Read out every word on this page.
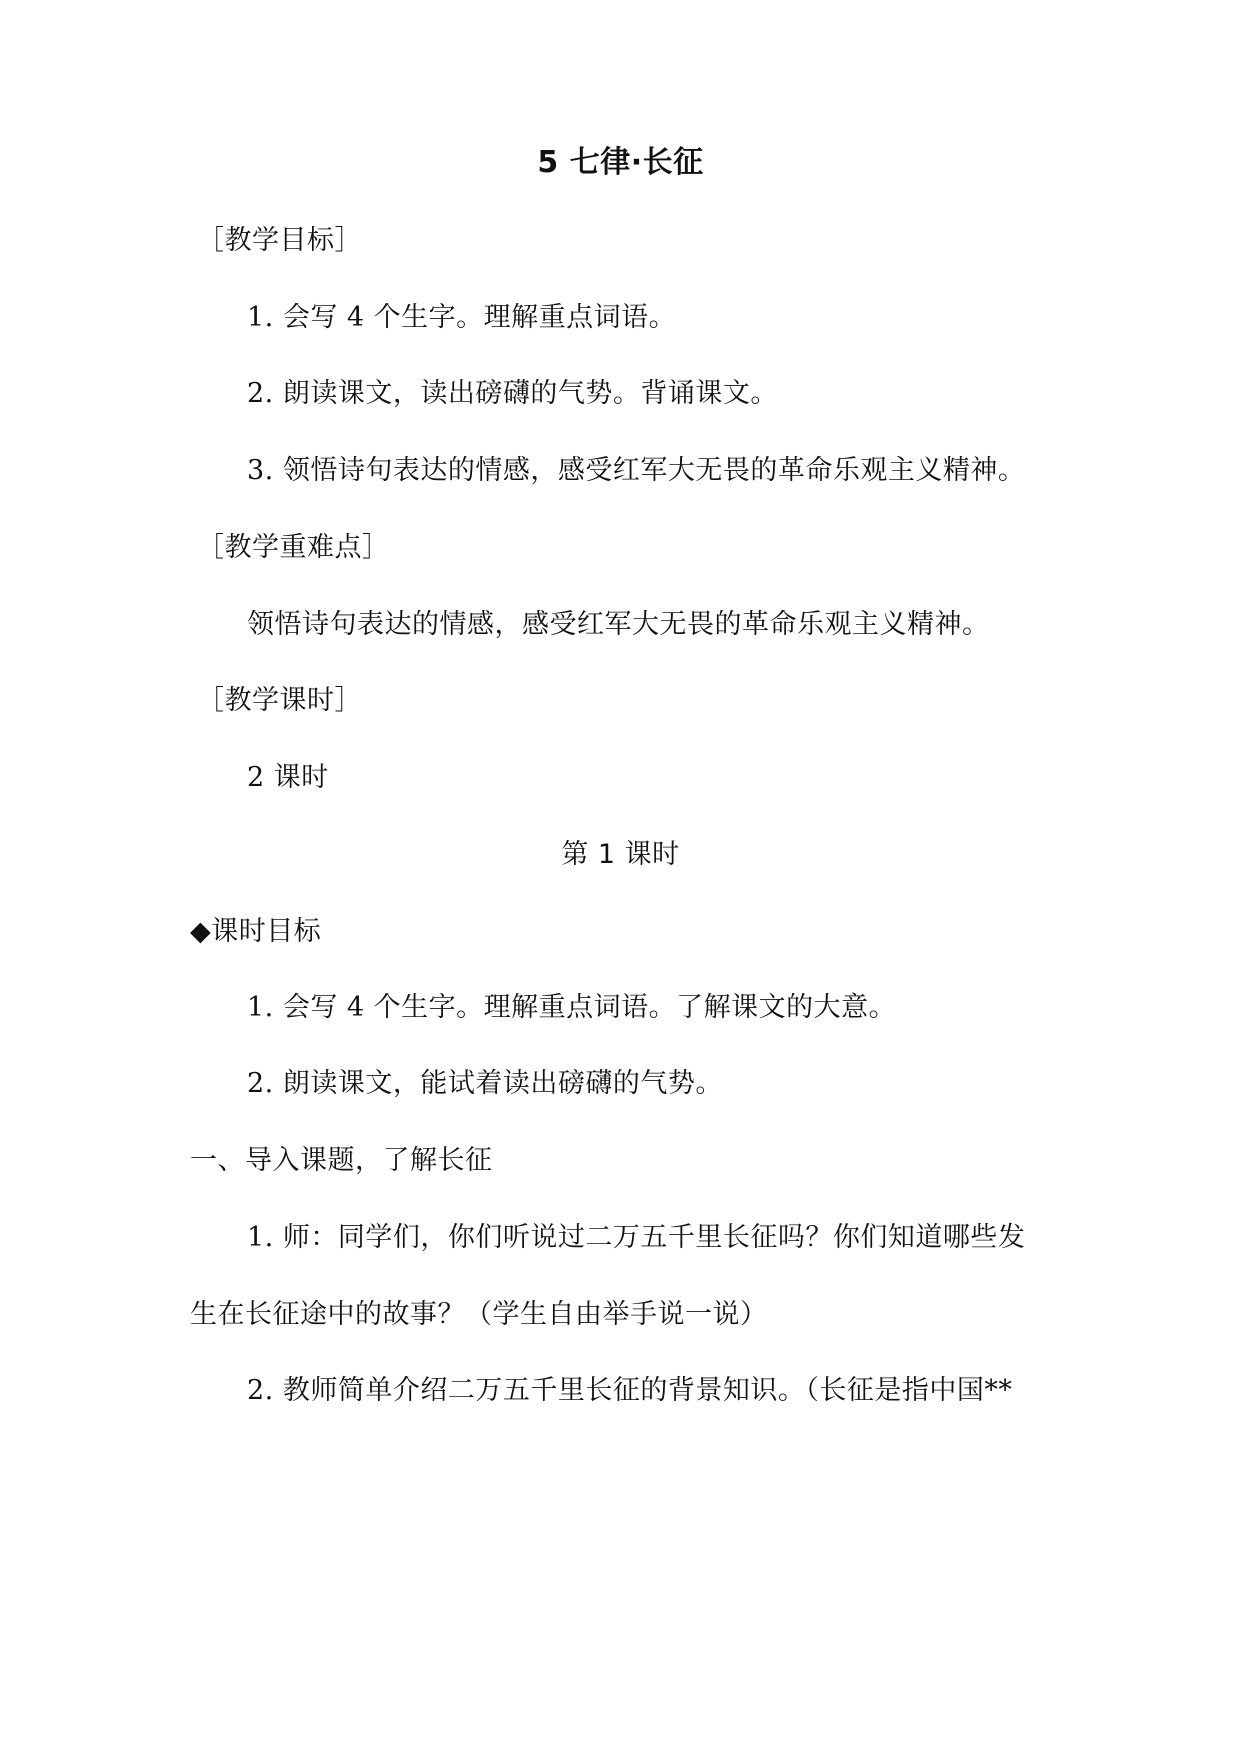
5 七律·长征
［教学目标］
1. 会写 4 个生字。理解重点词语。
2. 朗读课文，读出磅礴的气势。背诵课文。
3. 领悟诗句表达的情感，感受红军大无畏的革命乐观主义精神。
［教学重难点］
领悟诗句表达的情感，感受红军大无畏的革命乐观主义精神。
［教学课时］
2 课时
第 1 课时
◆课时目标
1. 会写 4 个生字。理解重点词语。了解课文的大意。
2. 朗读课文，能试着读出磅礴的气势。
一、导入课题，了解长征
1. 师：同学们，你们听说过二万五千里长征吗？你们知道哪些发
生在长征途中的故事？（学生自由举手说一说）
2. 教师简单介绍二万五千里长征的背景知识。（长征是指中国**
